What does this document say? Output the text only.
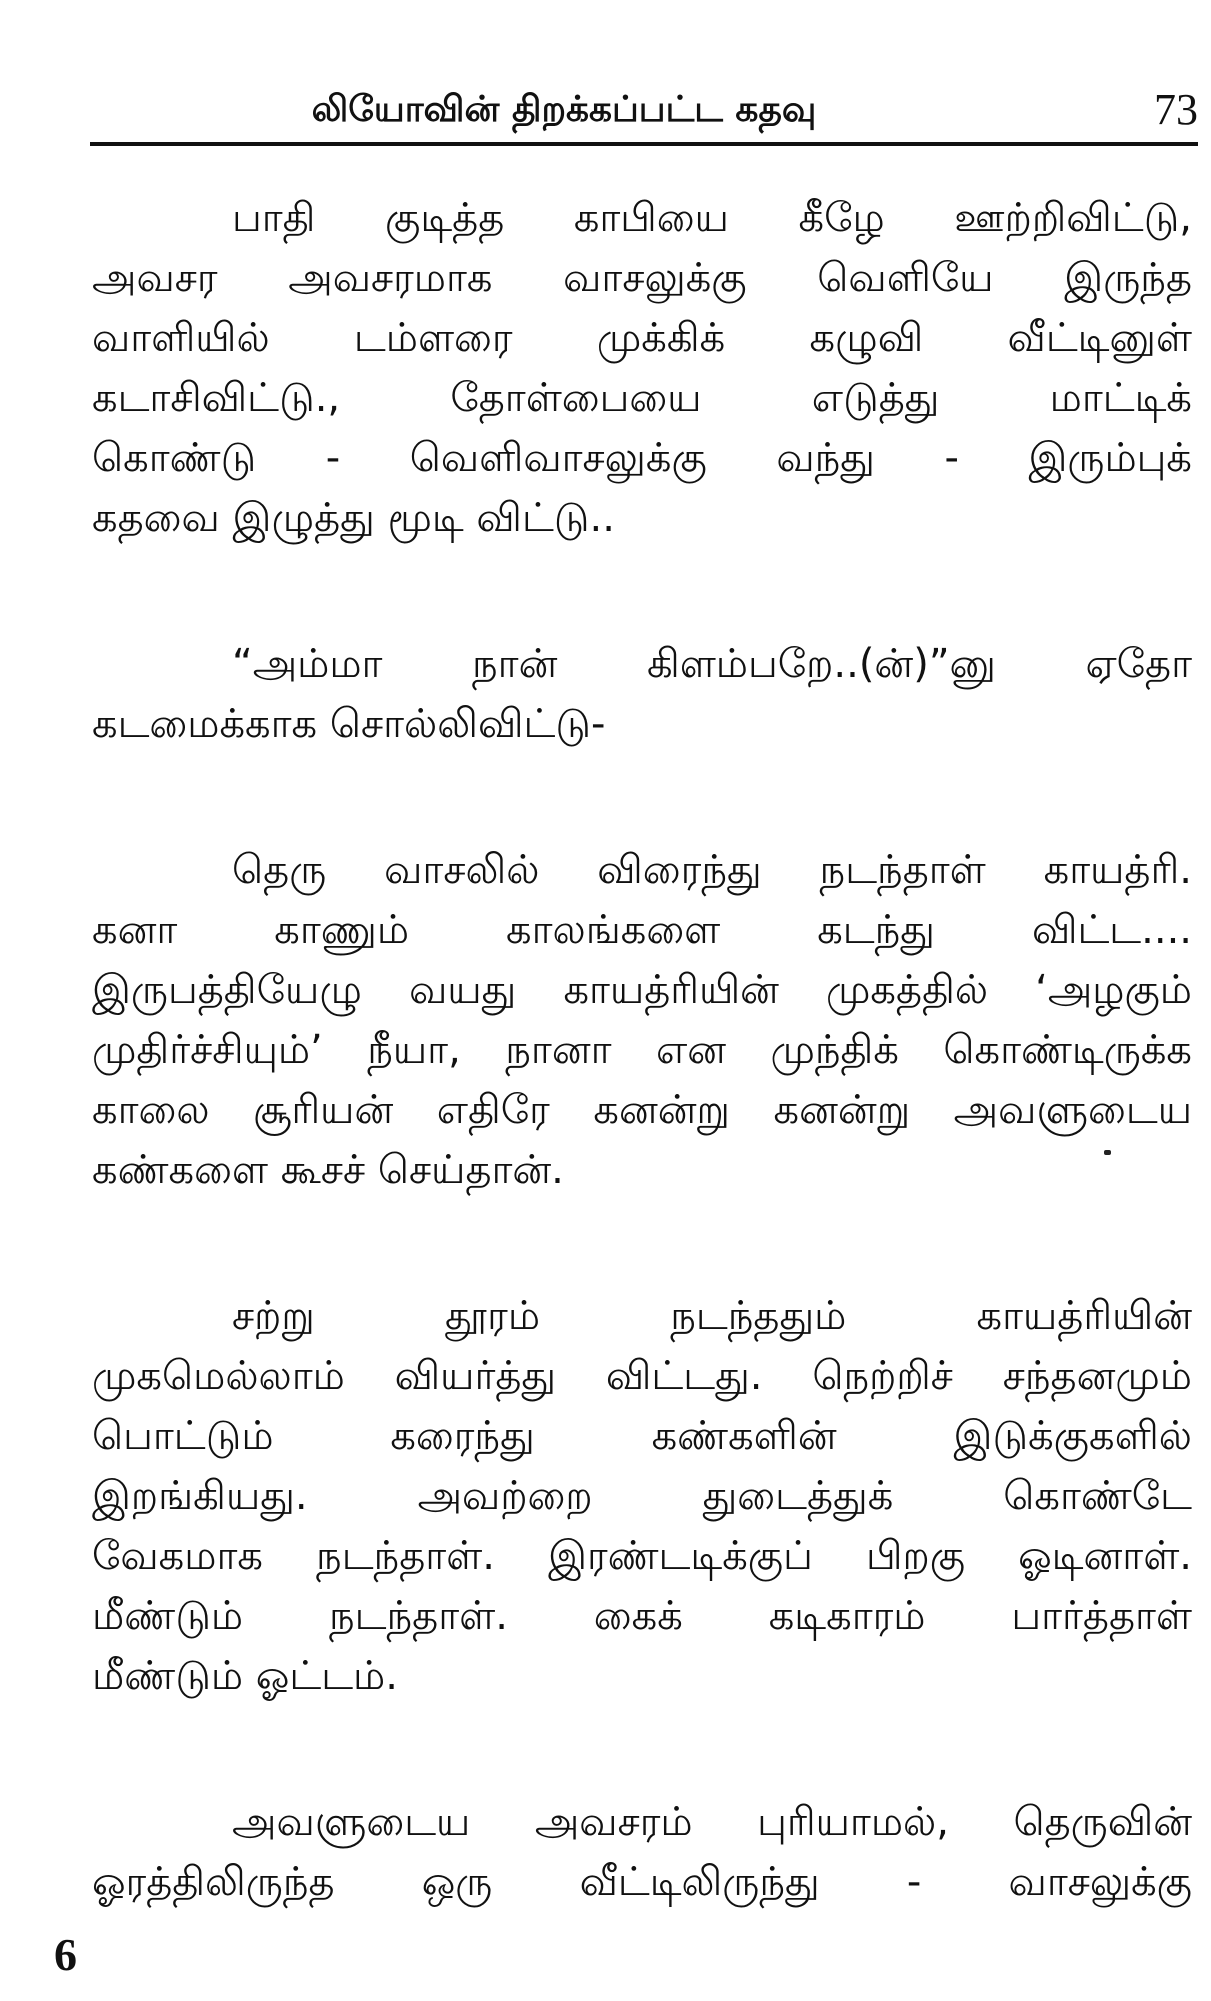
லியோவின் திறக்கப்பட்ட கதவு	73
பாதி குடித்த காபியை கீழே ஊற்றிவிட்டு,
அவசர அவசரமாக வாசலுக்கு வெளியே இருந்த
வாளியில் டம்ளரை முக்கிக் கழுவி வீட்டினுள்
கடாசிவிட்டு., தோள்பையை எடுத்து மாட்டிக்
கொண்டு - வெளிவாசலுக்கு வந்து - இரும்புக்
கதவை இழுத்து மூடி விட்டு..
“அம்மா நான் கிளம்பறே..(ன்)”னு ஏதோ
கடமைக்காக சொல்லிவிட்டு-
தெரு வாசலில் விரைந்து நடந்தாள் காயத்ரி.
கனா காணும் காலங்களை கடந்து விட்ட....
இருபத்தியேழு வயது காயத்ரியின் முகத்தில் ‘அழகும்
முதிர்ச்சியும்’ நீயா, நானா என முந்திக் கொண்டிருக்க
காலை சூரியன் எதிரே கனன்று கனன்று அவளுடைய
கண்களை கூசச் செய்தான்.
சற்று தூரம் நடந்ததும் காயத்ரியின்
முகமெல்லாம் வியர்த்து விட்டது. நெற்றிச் சந்தனமும்
பொட்டும் கரைந்து கண்களின் இடுக்குகளில்
இறங்கியது. அவற்றை துடைத்துக் கொண்டே
வேகமாக நடந்தாள். இரண்டடிக்குப் பிறகு ஓடினாள்.
மீண்டும் நடந்தாள். கைக் கடிகாரம் பார்த்தாள்
மீண்டும் ஓட்டம்.
அவளுடைய அவசரம் புரியாமல், தெருவின்
ஓரத்திலிருந்த ஒரு வீட்டிலிருந்து - வாசலுக்கு
6
